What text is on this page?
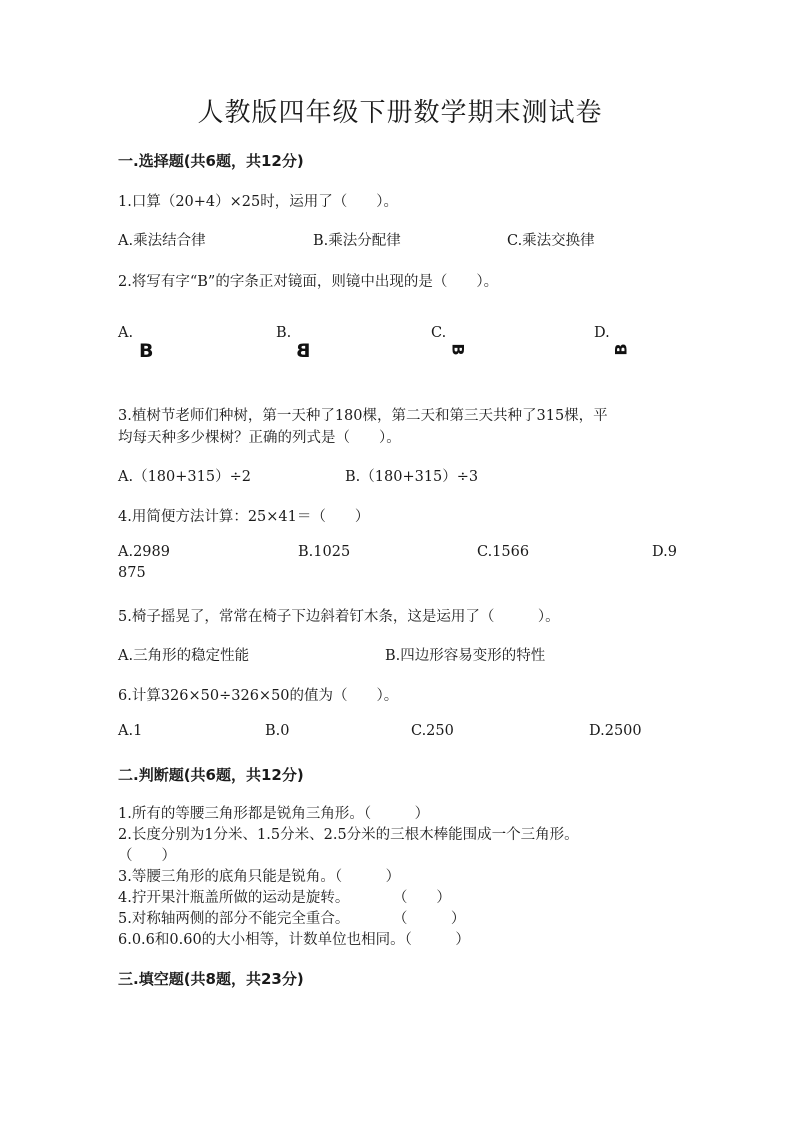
人教版四年级下册数学期末测试卷
一.选择题(共6题，共12分)
1.口算（20+4）×25时，运用了（　　）。
A.乘法结合律	B.乘法分配律	C.乘法交换律
2.将写有字“B”的字条正对镜面，则镜中出现的是（　　）。
A.
B
B.
B
C.
B
D.
B
3.植树节老师们种树，第一天种了180棵，第二天和第三天共种了315棵，平
均每天种多少棵树？正确的列式是（　　）。
A.（180+315）÷2	B.（180+315）÷3
4.用简便方法计算：25×41＝（　　）
A.2989	B.1025	C.1566	D.9
875
5.椅子摇晃了，常常在椅子下边斜着钉木条，这是运用了（　　　）。
A.三角形的稳定性能	B.四边形容易变形的特性
6.计算326×50÷326×50的值为（　　）。
A.1	B.0	C.250	D.2500
二.判断题(共6题，共12分)
1.所有的等腰三角形都是锐角三角形。（　　　）
2.长度分别为1分米、1.5分米、2.5分米的三根木棒能围成一个三角形。
（　　）
3.等腰三角形的底角只能是锐角。（　　　）
4.拧开果汁瓶盖所做的运动是旋转。　　　　（　　）
5.对称轴两侧的部分不能完全重合。　　　　（　　　）
6.0.6和0.60的大小相等，计数单位也相同。（　　　）
三.填空题(共8题，共23分)
